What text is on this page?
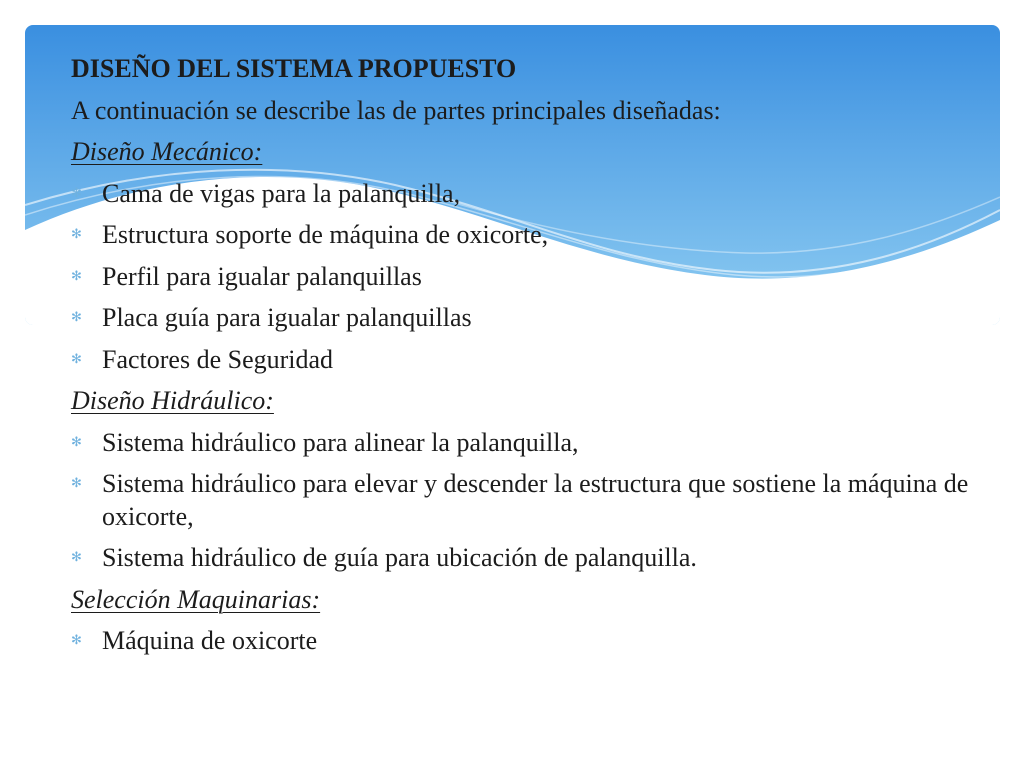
DISEÑO DEL SISTEMA PROPUESTO
A continuación se describe las de partes principales diseñadas:
Diseño Mecánico:
✻ Cama de vigas para la palanquilla,
✻ Estructura soporte de máquina de oxicorte,
✻ Perfil para igualar palanquillas
✻ Placa guía para igualar palanquillas
✻ Factores de Seguridad
Diseño Hidráulico:
✻ Sistema hidráulico para alinear la palanquilla,
✻ Sistema hidráulico para elevar y descender la estructura que sostiene la máquina de oxicorte,
✻ Sistema hidráulico de guía para ubicación de palanquilla.
Selección Maquinarias:
✻ Máquina de oxicorte
